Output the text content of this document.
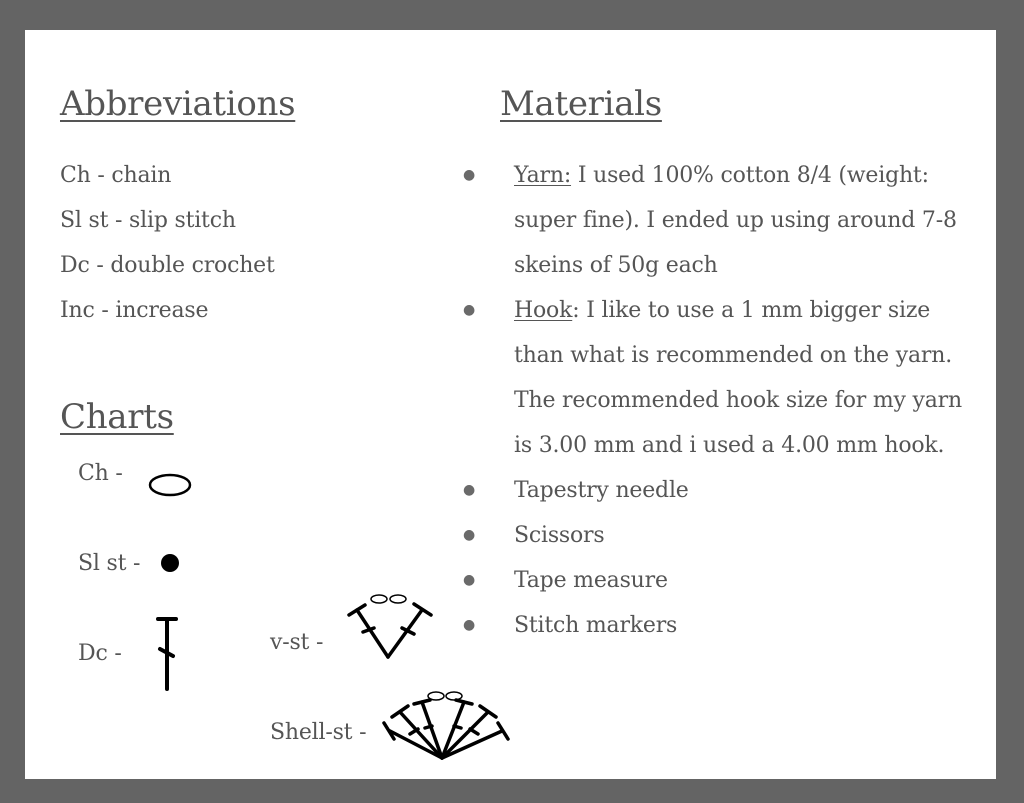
Abbreviations
Ch - chain
Sl st - slip stitch
Dc - double crochet
Inc - increase
Charts
Ch -
Sl st -
Dc -	v-st -
Shell-st -
Materials
● Yarn: I used 100% cotton 8/4 (weight: super fine). I ended up using around 7-8 skeins of 50g each
● Hook: I like to use a 1 mm bigger size than what is recommended on the yarn. The recommended hook size for my yarn is 3.00 mm and i used a 4.00 mm hook.
● Tapestry needle
● Scissors
● Tape measure
● Stitch markers
